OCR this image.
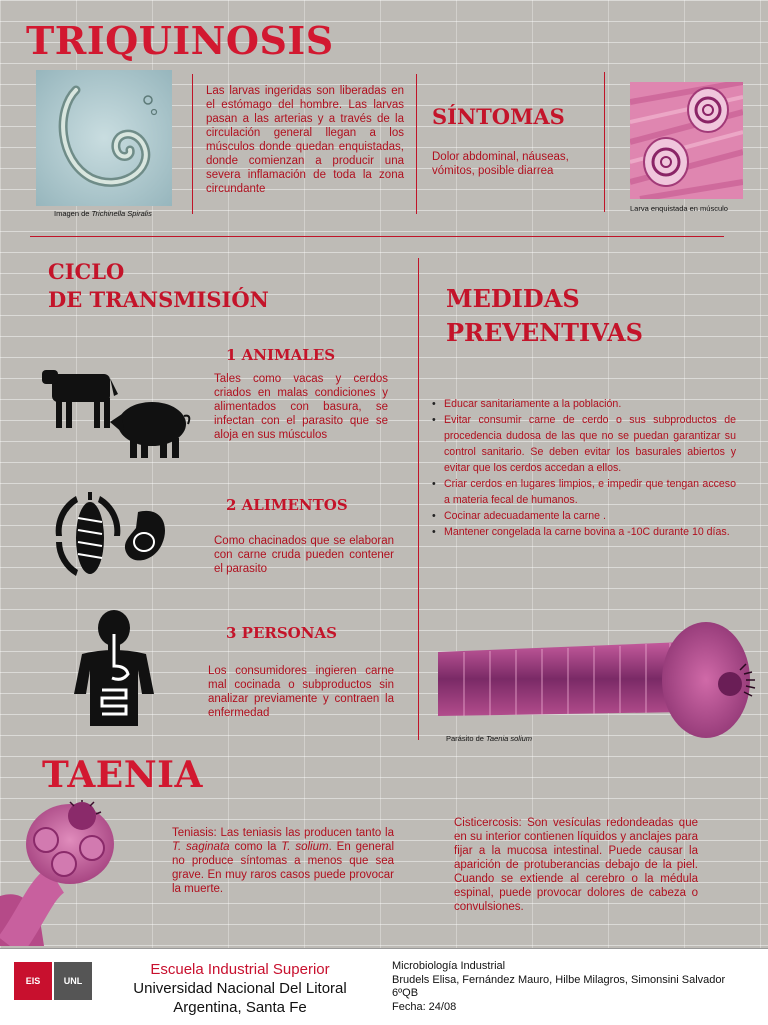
TRIQUINOSIS
Imagen de Trichinella Spiralis
Las larvas ingeridas son liberadas en el estómago del hombre. Las larvas pasan a las arterias y a través de la circulación general llegan a los músculos donde quedan enquistadas, donde comienzan a producir una severa inflamación de toda la zona circundante
SÍNTOMAS
Dolor abdominal, náuseas, vómitos, posible diarrea
Larva enquistada en músculo
CICLO
DE TRANSMISIÓN
1 ANIMALES
Tales como vacas y cerdos criados en malas condiciones y alimentados con basura, se infectan con el parasito que se aloja en sus músculos
2 ALIMENTOS
Como chacinados que se elaboran con carne cruda pueden contener el parasito
3 PERSONAS
Los consumidores ingieren carne mal cocinada o subproductos sin analizar previamente y contraen la enfermedad
MEDIDAS
PREVENTIVAS
• Educar sanitariamente a la población.
• Evitar consumir carne de cerdo o sus subproductos de procedencia dudosa de las que no se puedan garantizar su control sanitario. Se deben evitar los basurales abiertos y evitar que los cerdos accedan a ellos.
• Criar cerdos en lugares limpios, e impedir que tengan acceso a materia fecal de humanos.
• Cocinar adecuadamente la carne .
• Mantener congelada la carne bovina a -10C durante 10 días.
Parásito de Taenia solium
TAENIA
Teniasis: Las teniasis las producen tanto la T. saginata como la T. solium. En general no produce síntomas a menos que sea grave. En muy raros casos puede provocar la muerte.
Cisticercosis: Son vesículas redondeadas que en su interior contienen líquidos y anclajes para fijar a la mucosa intestinal. Puede causar la aparición de protuberancias debajo de la piel. Cuando se extiende al cerebro o la médula espinal, puede provocar dolores de cabeza o convulsiones.
EIS	UNL
Escuela Industrial Superior
Universidad Nacional Del Litoral
Argentina, Santa Fe
Microbiología Industrial
Brudels Elisa, Fernández Mauro, Hilbe Milagros, Simonsini Salvador
6ºQB
Fecha: 24/08
